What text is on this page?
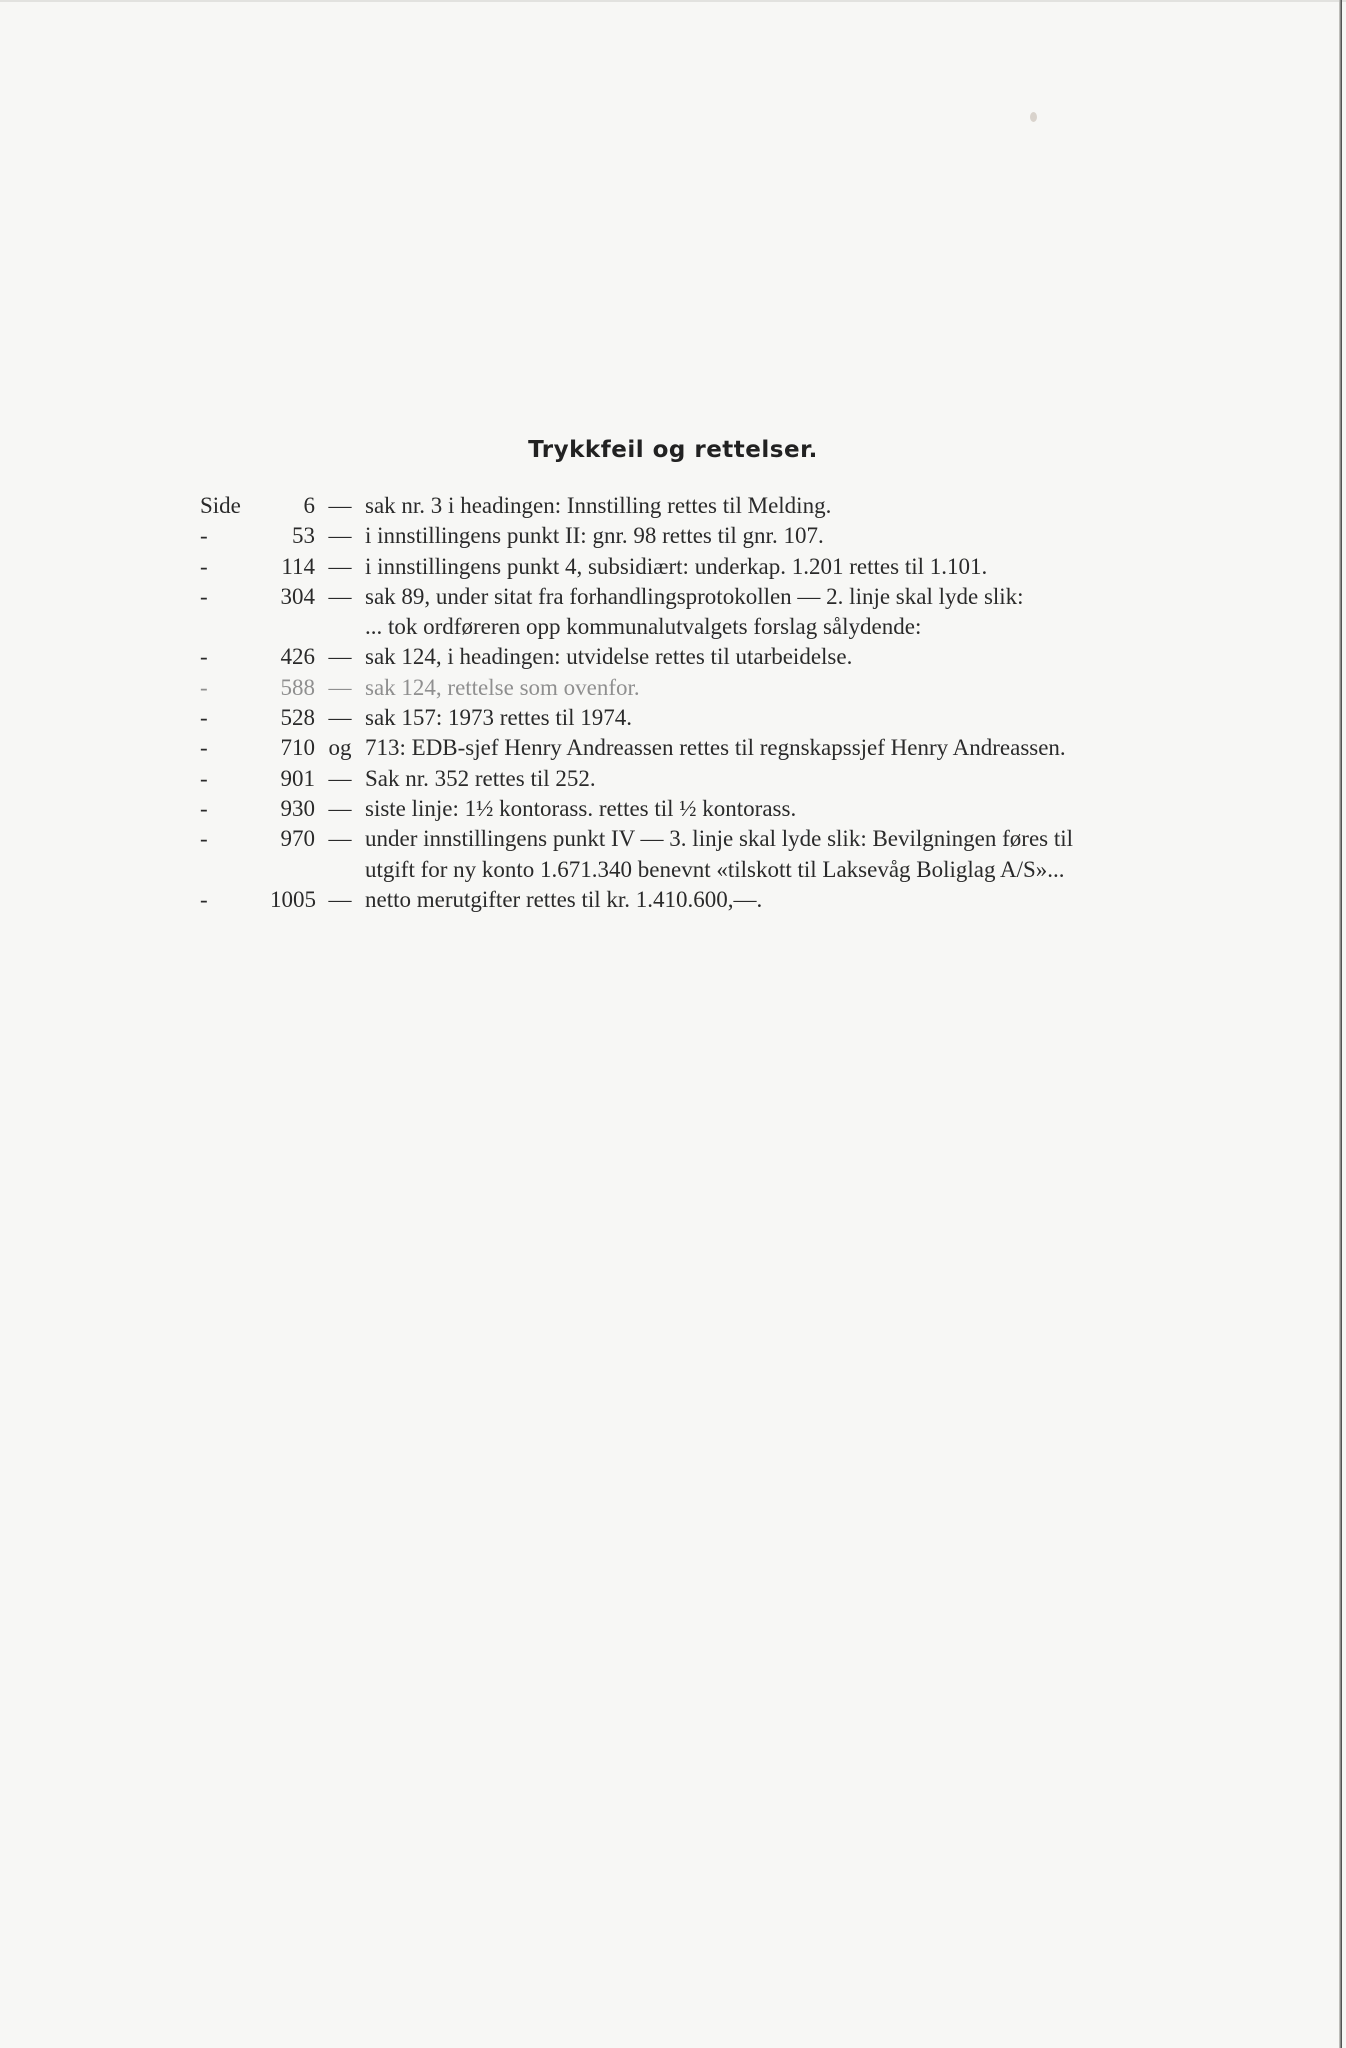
Trykkfeil og rettelser.
Side	6 — sak nr. 3 i headingen: Innstilling rettes til Melding.
-	53 — i innstillingens punkt II: gnr. 98 rettes til gnr. 107.
-	114 — i innstillingens punkt 4, subsidiært: underkap. 1.201 rettes til 1.101.
-	304 — sak 89, under sitat fra forhandlingsprotokollen — 2. linje skal lyde slik:
... tok ordføreren opp kommunalutvalgets forslag sålydende:
-	426 — sak 124, i headingen: utvidelse rettes til utarbeidelse.
-	588 — sak 124, rettelse som ovenfor.
-	528 — sak 157: 1973 rettes til 1974.
-	710 og 713: EDB-sjef Henry Andreassen rettes til regnskapssjef Henry Andreassen.
-	901 — Sak nr. 352 rettes til 252.
-	930 — siste linje: 1½ kontorass. rettes til ½ kontorass.
-	970 — under innstillingens punkt IV — 3. linje skal lyde slik: Bevilgningen føres til
utgift for ny konto 1.671.340 benevnt «tilskott til Laksevåg Boliglag A/S»...
-	1005 — netto merutgifter rettes til kr. 1.410.600,—.
